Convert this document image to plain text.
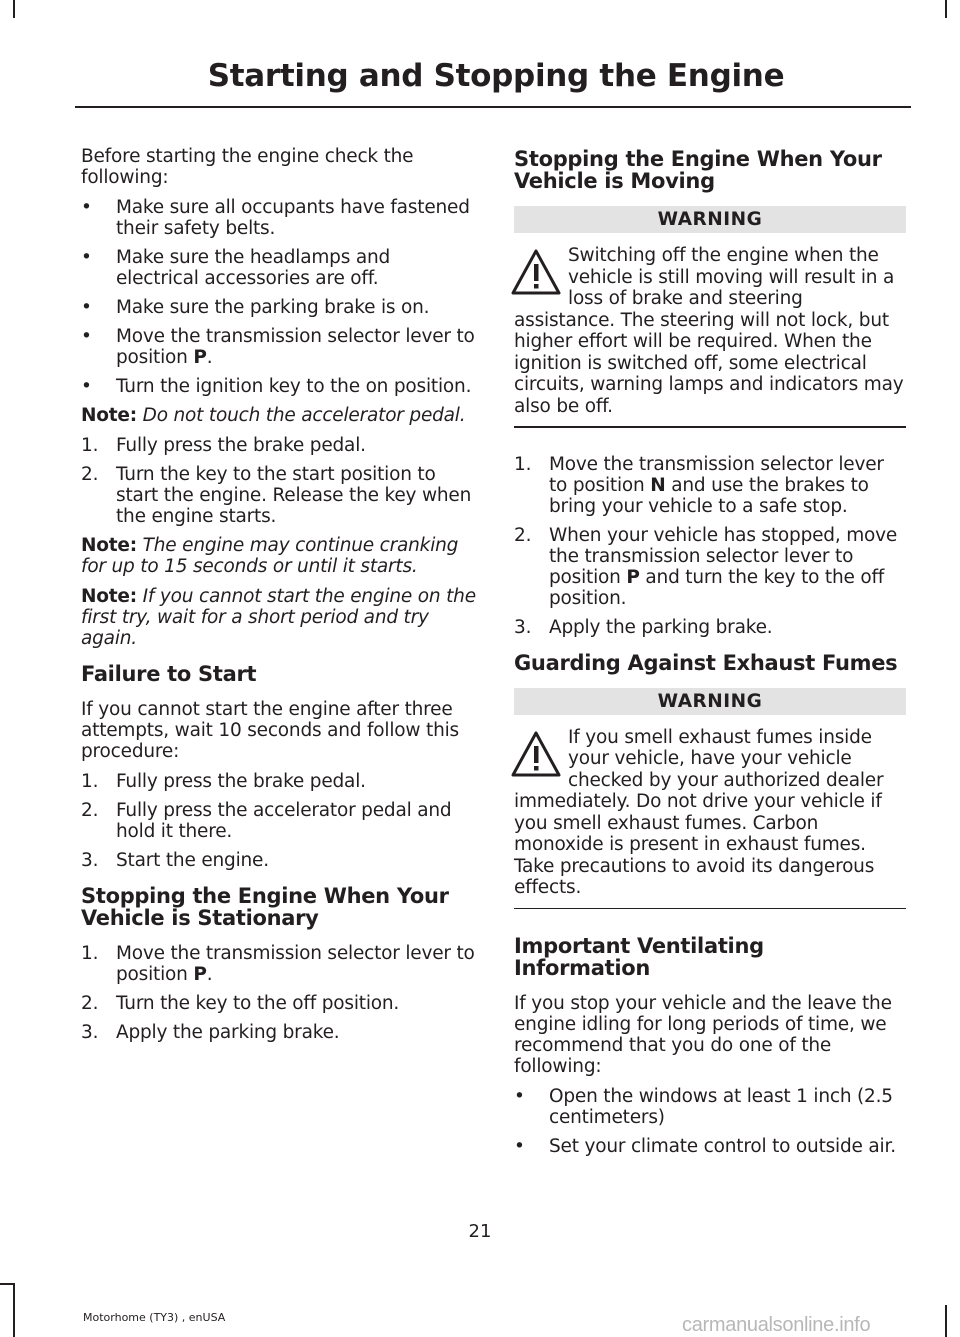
Starting and Stopping the Engine

Before starting the engine check the following:

• Make sure all occupants have fastened their safety belts.
• Make sure the headlamps and electrical accessories are off.
• Make sure the parking brake is on.
• Move the transmission selector lever to position P.
• Turn the ignition key to the on position.

Note: Do not touch the accelerator pedal.

1. Fully press the brake pedal.
2. Turn the key to the start position to start the engine. Release the key when the engine starts.

Note: The engine may continue cranking for up to 15 seconds or until it starts.

Note: If you cannot start the engine on the first try, wait for a short period and try again.

Failure to Start

If you cannot start the engine after three attempts, wait 10 seconds and follow this procedure:

1. Fully press the brake pedal.
2. Fully press the accelerator pedal and hold it there.
3. Start the engine.
Stopping the Engine When Your Vehicle is Stationary
1. Move the transmission selector lever to position P.
2. Turn the key to the off position.
3. Apply the parking brake.
Stopping the Engine When Your Vehicle is Moving
WARNING
Switching off the engine when the vehicle is still moving will result in a loss of brake and steering assistance. The steering will not lock, but higher effort will be required. When the ignition is switched off, some electrical circuits, warning lamps and indicators may also be off.
1. Move the transmission selector lever to position N and use the brakes to bring your vehicle to a safe stop.
2. When your vehicle has stopped, move the transmission selector lever to position P and turn the key to the off position.
3. Apply the parking brake.
Guarding Against Exhaust Fumes
WARNING
If you smell exhaust fumes inside your vehicle, have your vehicle checked by your authorized dealer immediately. Do not drive your vehicle if you smell exhaust fumes. Carbon monoxide is present in exhaust fumes. Take precautions to avoid its dangerous effects.
Important Ventilating Information

If you stop your vehicle and the leave the engine idling for long periods of time, we recommend that you do one of the following:

• Open the windows at least 1 inch (2.5 centimeters)
• Set your climate control to outside air.
21
Motorhome (TY3) , enUSA	carmanualsonline.info
